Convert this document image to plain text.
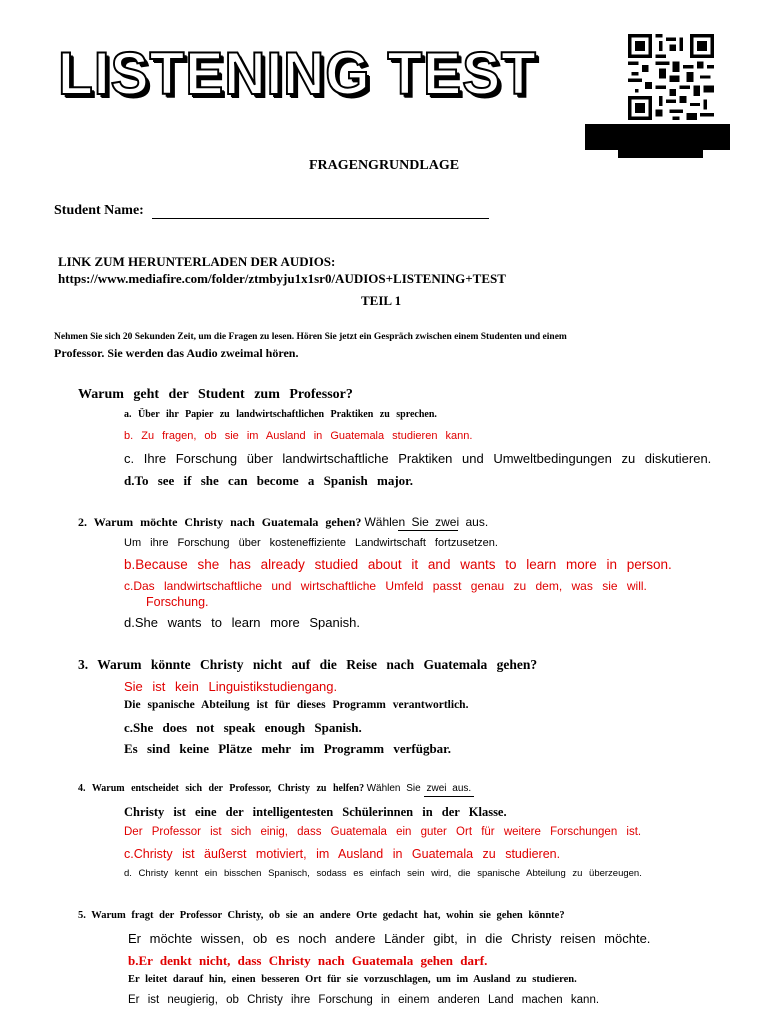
LISTENING TEST
FRAGENGRUNDLAGE
Student Name:
LINK ZUM HERUNTERLADEN DER AUDIOS:
https://www.mediafire.com/folder/ztmbyju1x1sr0/AUDIOS+LISTENING+TEST
TEIL 1
Nehmen Sie sich 20 Sekunden Zeit, um die Fragen zu lesen. Hören Sie jetzt ein Gespräch zwischen einem Studenten und einem
Professor. Sie werden das Audio zweimal hören.
Warum geht der Student zum Professor?
a. Über ihr Papier zu landwirtschaftlichen Praktiken zu sprechen.
b. Zu fragen, ob sie im Ausland in Guatemala studieren kann.
c. Ihre Forschung über landwirtschaftliche Praktiken und Umweltbedingungen zu diskutieren.
d.To see if she can become a Spanish major.
2. Warum möchte Christy nach Guatemala gehen? Wählen Sie zwei aus.
Um ihre Forschung über kosteneffiziente Landwirtschaft fortzusetzen.
b.Because she has already studied about it and wants to learn more in person.
c.Das landwirtschaftliche und wirtschaftliche Umfeld passt genau zu dem, was sie will.
Forschung.
d.She wants to learn more Spanish.
3. Warum könnte Christy nicht auf die Reise nach Guatemala gehen?
Sie ist kein Linguistikstudiengang.
Die spanische Abteilung ist für dieses Programm verantwortlich.
c.She does not speak enough Spanish.
Es sind keine Plätze mehr im Programm verfügbar.
4. Warum entscheidet sich der Professor, Christy zu helfen? Wählen Sie zwei aus.
Christy ist eine der intelligentesten Schülerinnen in der Klasse.
Der Professor ist sich einig, dass Guatemala ein guter Ort für weitere Forschungen ist.
c.Christy ist äußerst motiviert, im Ausland in Guatemala zu studieren.
d. Christy kennt ein bisschen Spanisch, sodass es einfach sein wird, die spanische Abteilung zu überzeugen.
5. Warum fragt der Professor Christy, ob sie an andere Orte gedacht hat, wohin sie gehen könnte?
Er möchte wissen, ob es noch andere Länder gibt, in die Christy reisen möchte.
b.Er denkt nicht, dass Christy nach Guatemala gehen darf.
Er leitet darauf hin, einen besseren Ort für sie vorzuschlagen, um im Ausland zu studieren.
Er ist neugierig, ob Christy ihre Forschung in einem anderen Land machen kann.
